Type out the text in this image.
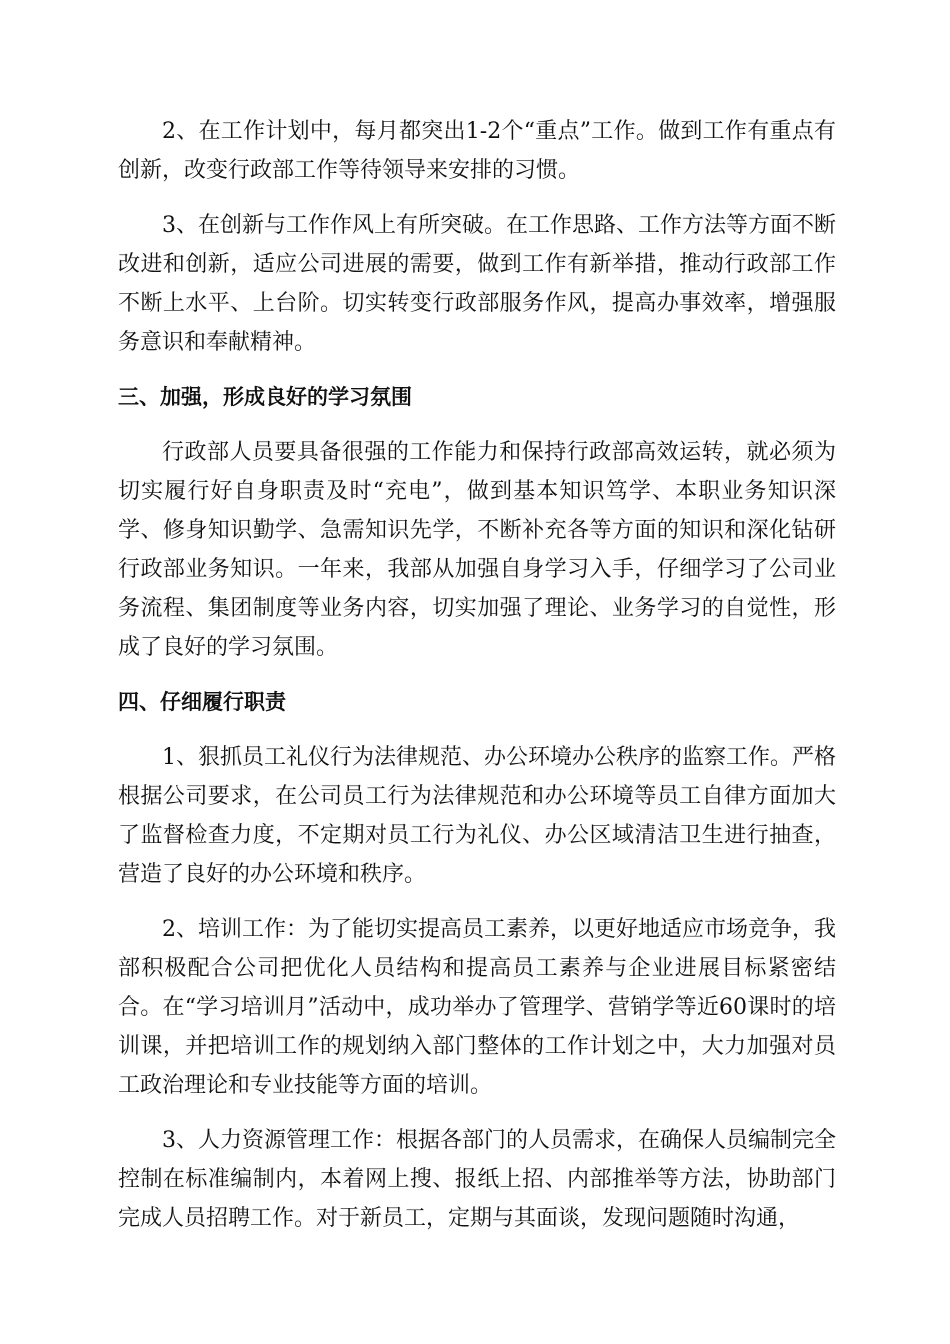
2、在工作计划中，每月都突出1-2个“重点”工作。做到工作有重点有创新，改变行政部工作等待领导来安排的习惯。

3、在创新与工作作风上有所突破。在工作思路、工作方法等方面不断改进和创新，适应公司进展的需要，做到工作有新举措，推动行政部工作不断上水平、上台阶。切实转变行政部服务作风，提高办事效率，增强服务意识和奉献精神。

三、加强，形成良好的学习氛围

行政部人员要具备很强的工作能力和保持行政部高效运转，就必须为切实履行好自身职责及时“充电”，做到基本知识笃学、本职业务知识深学、修身知识勤学、急需知识先学，不断补充各等方面的知识和深化钻研行政部业务知识。一年来，我部从加强自身学习入手，仔细学习了公司业务流程、集团制度等业务内容，切实加强了理论、业务学习的自觉性，形成了良好的学习氛围。

四、仔细履行职责

1、狠抓员工礼仪行为法律规范、办公环境办公秩序的监察工作。严格根据公司要求，在公司员工行为法律规范和办公环境等员工自律方面加大了监督检查力度，不定期对员工行为礼仪、办公区域清洁卫生进行抽查，营造了良好的办公环境和秩序。

2、培训工作：为了能切实提高员工素养，以更好地适应市场竞争，我部积极配合公司把优化人员结构和提高员工素养与企业进展目标紧密结合。在“学习培训月”活动中，成功举办了管理学、营销学等近60课时的培训课，并把培训工作的规划纳入部门整体的工作计划之中，大力加强对员工政治理论和专业技能等方面的培训。

3、人力资源管理工作：根据各部门的人员需求，在确保人员编制完全控制在标准编制内，本着网上搜、报纸上招、内部推举等方法，协助部门完成人员招聘工作。对于新员工，定期与其面谈，发现问题随时沟通，
